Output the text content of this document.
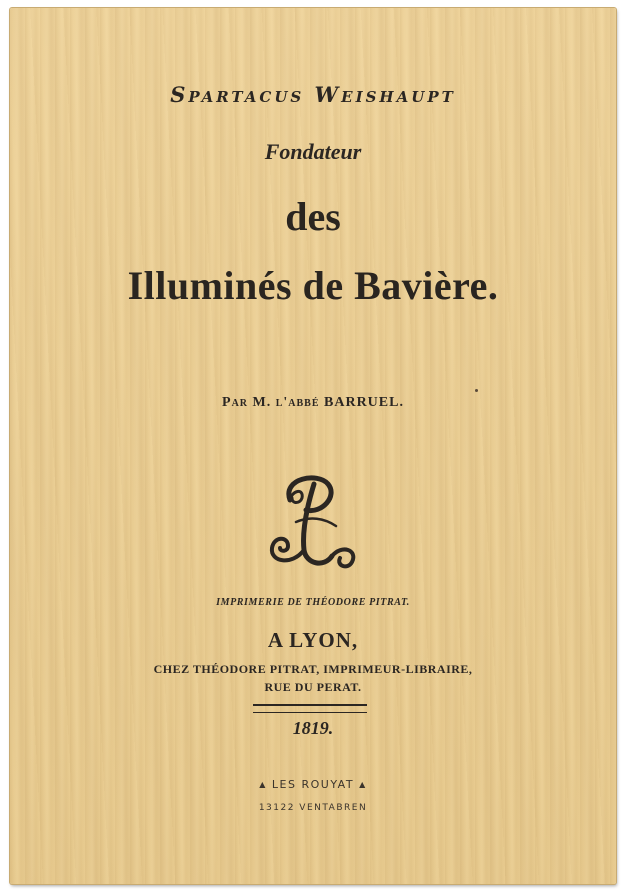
Spartacus Weishaupt
Fondateur
des
Illuminés de Bavière.
Par M. l'abbé BARRUEL.
IMPRIMERIE DE THÉODORE PITRAT.
A LYON,
CHEZ THÉODORE PITRAT, IMPRIMEUR-LIBRAIRE,
RUE DU PERAT.
1819.
▲ LES ROUYAT ▲
13122 VENTABREN
